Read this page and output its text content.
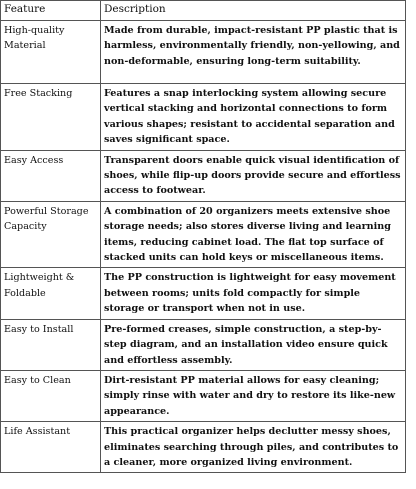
Feature	Description
High-quality Material	Made from durable, impact-resistant PP plastic that is harmless, environmentally friendly, non-yellowing, and non-deformable, ensuring long-term suitability.
Free Stacking	Features a snap interlocking system allowing secure vertical stacking and horizontal connections to form various shapes; resistant to accidental separation and saves significant space.
Easy Access	Transparent doors enable quick visual identification of shoes, while flip-up doors provide secure and effortless access to footwear.
Powerful Storage Capacity	A combination of 20 organizers meets extensive shoe storage needs; also stores diverse living and learning items, reducing cabinet load. The flat top surface of stacked units can hold keys or miscellaneous items.
Lightweight & Foldable	The PP construction is lightweight for easy movement between rooms; units fold compactly for simple storage or transport when not in use.
Easy to Install	Pre-formed creases, simple construction, a step-by-step diagram, and an installation video ensure quick and effortless assembly.
Easy to Clean	Dirt-resistant PP material allows for easy cleaning; simply rinse with water and dry to restore its like-new appearance.
Life Assistant	This practical organizer helps declutter messy shoes, eliminates searching through piles, and contributes to a cleaner, more organized living environment.
